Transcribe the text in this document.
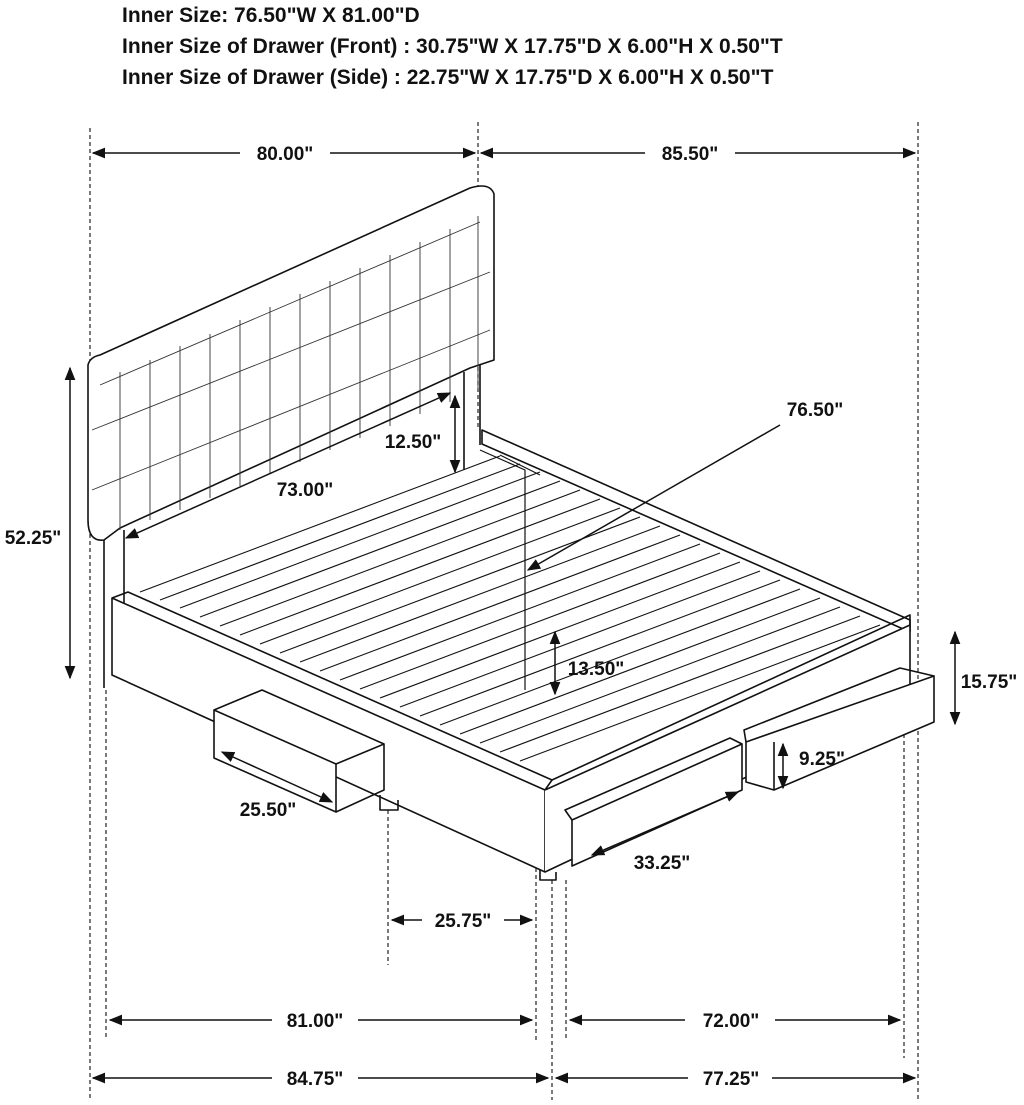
Inner Size: 76.50"W X 81.00"D
Inner Size of Drawer (Front) : 30.75"W X 17.75"D X 6.00"H X 0.50"T
Inner Size of Drawer (Side) : 22.75"W X 17.75"D X 6.00"H X 0.50"T
80.00"	85.50"
73.00"
12.50"
52.25"
76.50"
13.50"
15.75"
9.25"
25.50"
33.25"
25.75"
81.00"	72.00"
84.75"	77.25"
